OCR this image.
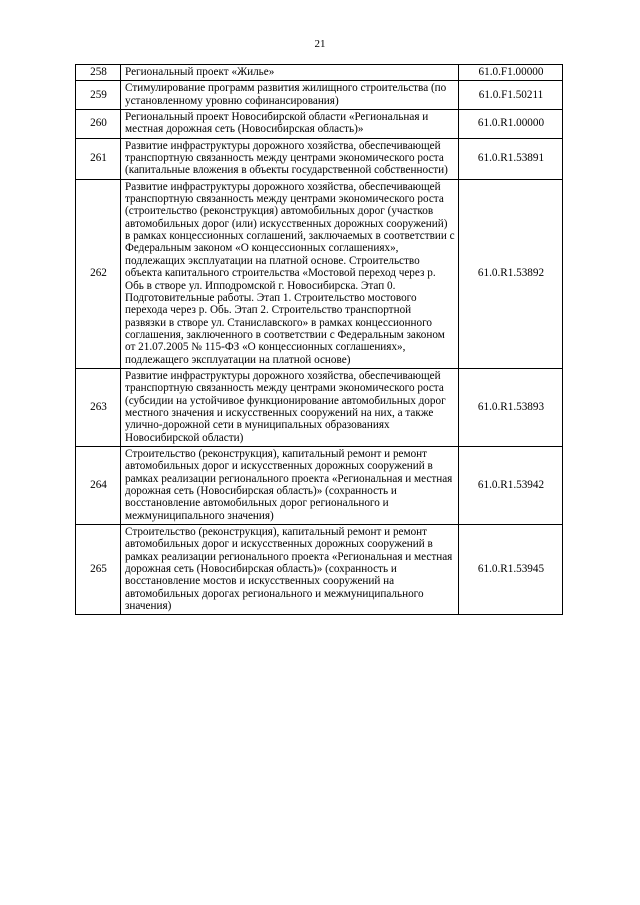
21
258	Региональный проект «Жилье»	61.0.F1.00000
259	Стимулирование программ развития жилищного строительства (по установленному уровню софинансирования)	61.0.F1.50211
260	Региональный проект Новосибирской области «Региональная и местная дорожная сеть (Новосибирская область)»	61.0.R1.00000
261	Развитие инфраструктуры дорожного хозяйства, обеспечивающей транспортную связанность между центрами экономического роста (капитальные вложения в объекты государственной собственности)	61.0.R1.53891
262	Развитие инфраструктуры дорожного хозяйства, обеспечивающей транспортную связанность между центрами экономического роста (строительство (реконструкция) автомобильных дорог (участков автомобильных дорог (или) искусственных дорожных сооружений) в рамках концессионных соглашений, заключаемых в соответствии с Федеральным законом «О концессионных соглашениях», подлежащих эксплуатации на платной основе. Строительство объекта капитального строительства «Мостовой переход через р. Обь в створе ул. Ипподромской г. Новосибирска. Этап 0. Подготовительные работы. Этап 1. Строительство мостового перехода через р. Обь. Этап 2. Строительство транспортной развязки в створе ул. Станиславского» в рамках концессионного соглашения, заключенного в соответствии с Федеральным законом от 21.07.2005 № 115-ФЗ «О концессионных соглашениях», подлежащего эксплуатации на платной основе)	61.0.R1.53892
263	Развитие инфраструктуры дорожного хозяйства, обеспечивающей транспортную связанность между центрами экономического роста (субсидии на устойчивое функционирование автомобильных дорог местного значения и искусственных сооружений на них, а также улично-дорожной сети в муниципальных образованиях Новосибирской области)	61.0.R1.53893
264	Строительство (реконструкция), капитальный ремонт и ремонт автомобильных дорог и искусственных дорожных сооружений в рамках реализации регионального проекта «Региональная и местная дорожная сеть (Новосибирская область)» (сохранность и восстановление автомобильных дорог регионального и межмуниципального значения)	61.0.R1.53942
265	Строительство (реконструкция), капитальный ремонт и ремонт автомобильных дорог и искусственных дорожных сооружений в рамках реализации регионального проекта «Региональная и местная дорожная сеть (Новосибирская область)» (сохранность и восстановление мостов и искусственных сооружений на автомобильных дорогах регионального и межмуниципального значения)	61.0.R1.53945
